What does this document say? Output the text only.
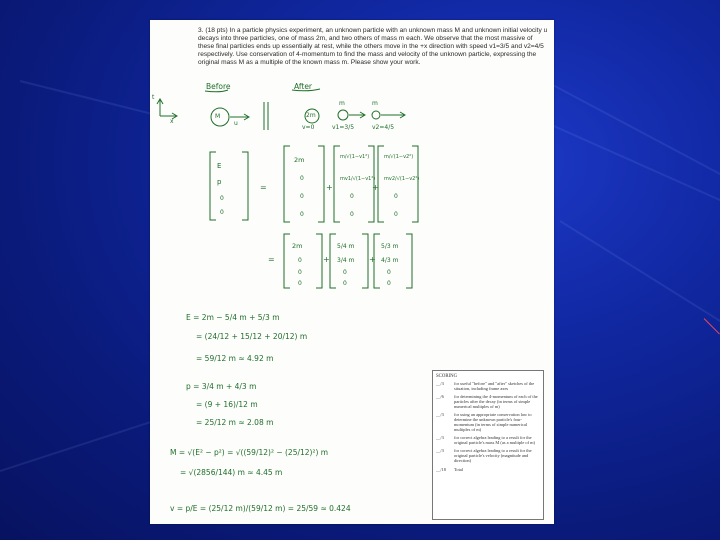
3. (18 pts) In a particle physics experiment, an unknown particle with an unknown mass M and unknown initial velocity u decays into three particles, one of mass 2m, and two others of mass m each. We observe that the most massive of these final particles ends up essentially at rest, while the others move in the +x direction with speed v1=3/5 and v2=4/5 respectively. Use conservation of 4-momentum to find the mass and velocity of the unknown particle, expressing the original mass M as a multiple of the known mass m. Please show your work.

E
p
0
0
=
2m
0
0
0
+
m/√(1−v1²)
mv1/√(1−v1²)
0
0
+
m/√(1−v2²)
mv2/√(1−v2²)
0
0
=
2m
0
0
0
+
5/4 m
3/4 m
0
0
+
5/3 m
4/3 m
0
0
t
x
Before
M
u
After
2m
m	m
v=0	v1=3/5	v2=4/5
E = 2m − 5/4 m + 5/3 m
= (24/12 + 15/12 + 20/12) m
= 59/12 m ≈ 4.92 m
p = 3/4 m + 4/3 m
= (9 + 16)/12 m
= 25/12 m ≈ 2.08 m
M = √(E² − p²) = √((59/12)² − (25/12)²) m
= √(2856/144) m ≈ 4.45 m
v = p/E = (25/12 m)/(59/12 m) = 25/59 ≈ 0.424
SCORING
__/3	for useful "before" and "after" sketches of the situation, including frame axes
__/6	for determining the 4-momentum of each of the particles after the decay (in terms of simple numerical multiples of m)
__/3	for using an appropriate conservation law to determine the unknown particle's four-momentum (in terms of simple numerical multiples of m)
__/3	for correct algebra leading to a result for the original particle's mass M (as a multiple of m)
__/3	for correct algebra leading to a result for the original particle's velocity (magnitude and direction)
__/18	Total
